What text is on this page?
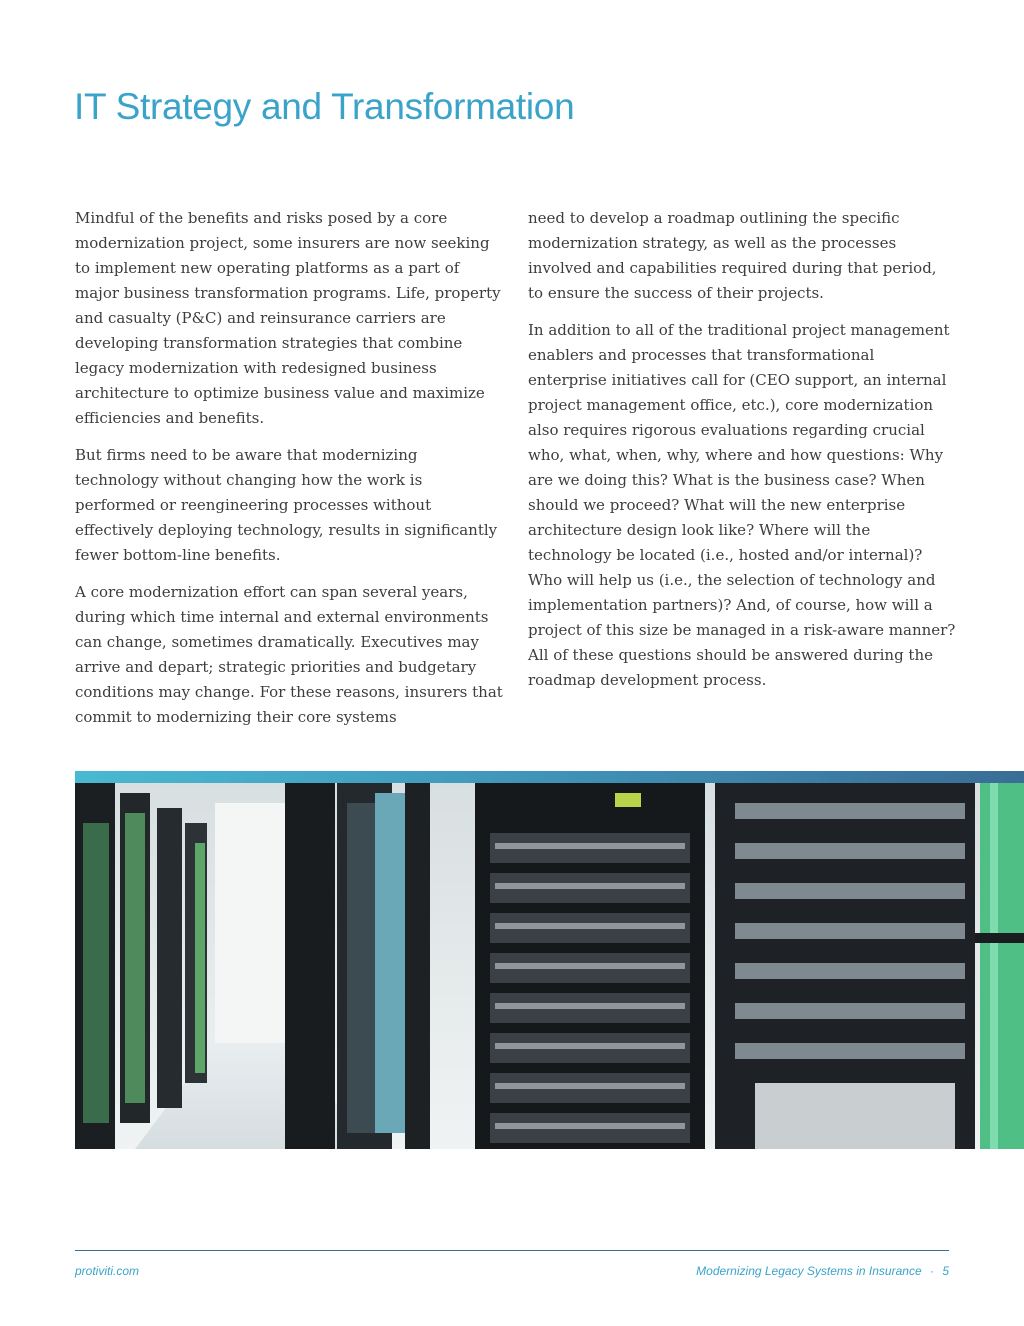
IT Strategy and Transformation

Mindful of the benefits and risks posed by a core modernization project, some insurers are now seeking to implement new operating platforms as a part of major business transformation programs. Life, property and casualty (P&C) and reinsurance carriers are developing transformation strategies that combine legacy modernization with redesigned business architecture to optimize business value and maximize efficiencies and benefits.

But firms need to be aware that modernizing technology without changing how the work is performed or reengineering processes without effectively deploying technology, results in significantly fewer bottom-line benefits.

A core modernization effort can span several years, during which time internal and external environments can change, sometimes dramatically. Executives may arrive and depart; strategic priorities and budgetary conditions may change. For these reasons, insurers that commit to modernizing their core systems

need to develop a roadmap outlining the specific modernization strategy, as well as the processes involved and capabilities required during that period, to ensure the success of their projects.

In addition to all of the traditional project management enablers and processes that transformational enterprise initiatives call for (CEO support, an internal project management office, etc.), core modernization also requires rigorous evaluations regarding crucial who, what, when, why, where and how questions: Why are we doing this? What is the business case? When should we proceed? What will the new enterprise architecture design look like? Where will the technology be located (i.e., hosted and/or internal)? Who will help us (i.e., the selection of technology and implementation partners)? And, of course, how will a project of this size be managed in a risk-aware manner? All of these questions should be answered during the roadmap development process.

protiviti.com	Modernizing Legacy Systems in Insurance · 5
